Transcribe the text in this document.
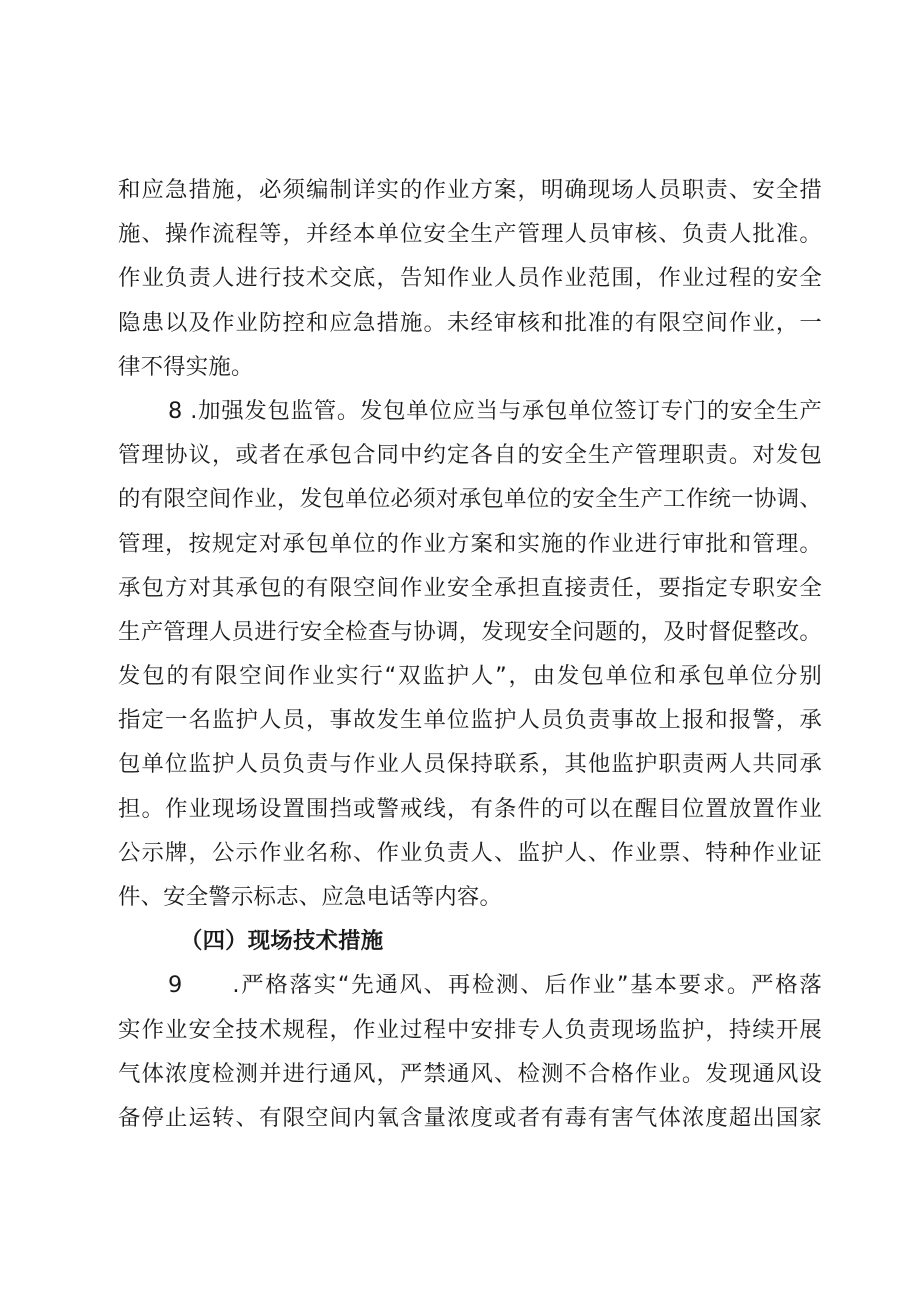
和应急措施，必须编制详实的作业方案，明确现场人员职责、安全措
施、操作流程等，并经本单位安全生产管理人员审核、负责人批准。
作业负责人进行技术交底，告知作业人员作业范围，作业过程的安全
隐患以及作业防控和应急措施。未经审核和批准的有限空间作业，一
律不得实施。
8 .加强发包监管。发包单位应当与承包单位签订专门的安全生产
管理协议，或者在承包合同中约定各自的安全生产管理职责。对发包
的有限空间作业，发包单位必须对承包单位的安全生产工作统一协调、
管理，按规定对承包单位的作业方案和实施的作业进行审批和管理。
承包方对其承包的有限空间作业安全承担直接责任，要指定专职安全
生产管理人员进行安全检查与协调，发现安全问题的，及时督促整改。
发包的有限空间作业实行“双监护人”，由发包单位和承包单位分别
指定一名监护人员，事故发生单位监护人员负责事故上报和报警，承
包单位监护人员负责与作业人员保持联系，其他监护职责两人共同承
担。作业现场设置围挡或警戒线，有条件的可以在醒目位置放置作业
公示牌，公示作业名称、作业负责人、监护人、作业票、特种作业证
件、安全警示标志、应急电话等内容。
（四）现场技术措施
9　　.严格落实“先通风、再检测、后作业”基本要求。严格落
实作业安全技术规程，作业过程中安排专人负责现场监护，持续开展
气体浓度检测并进行通风，严禁通风、检测不合格作业。发现通风设
备停止运转、有限空间内氧含量浓度或者有毒有害气体浓度超出国家
